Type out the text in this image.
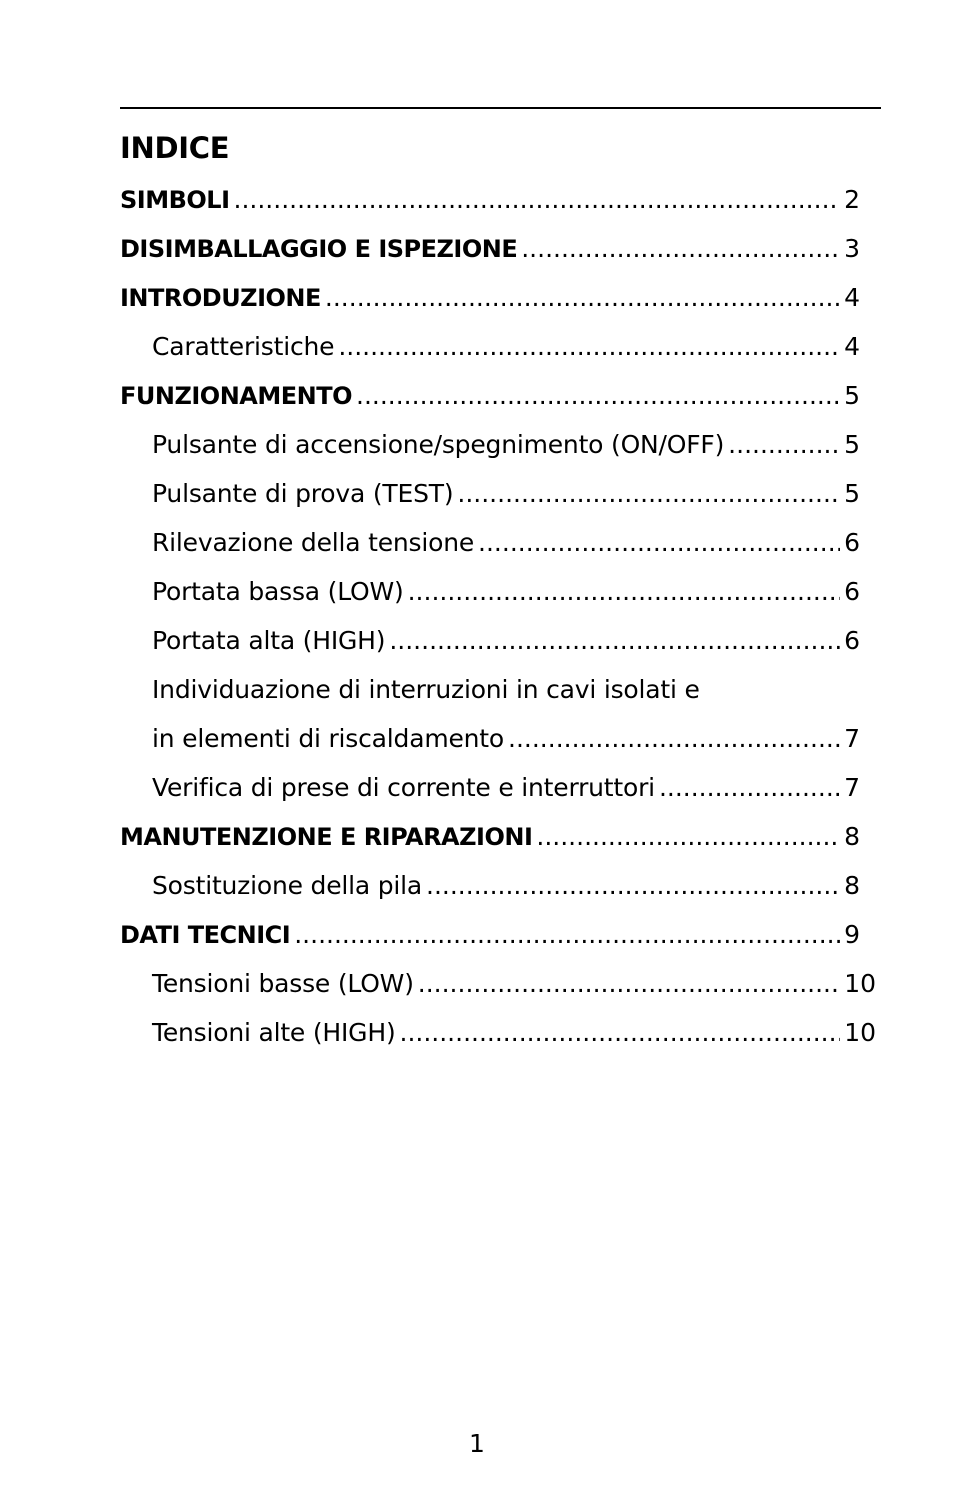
INDICE
SIMBOLI .....	2
DISIMBALLAGGIO E ISPEZIONE .....	3
INTRODUZIONE .....	4
Caratteristiche .....	4
FUNZIONAMENTO .....	5
Pulsante di accensione/spegnimento (ON/OFF) .....	5
Pulsante di prova (TEST) .....	5
Rilevazione della tensione .....	6
Portata bassa (LOW) .....	6
Portata alta (HIGH) .....	6
Individuazione di interruzioni in cavi isolati e
in elementi di riscaldamento .....	7
Verifica di prese di corrente e interruttori .....	7
MANUTENZIONE E RIPARAZIONI .....	8
Sostituzione della pila .....	8
DATI TECNICI .....	9
Tensioni basse (LOW) .....	10
Tensioni alte (HIGH) .....	10
1
